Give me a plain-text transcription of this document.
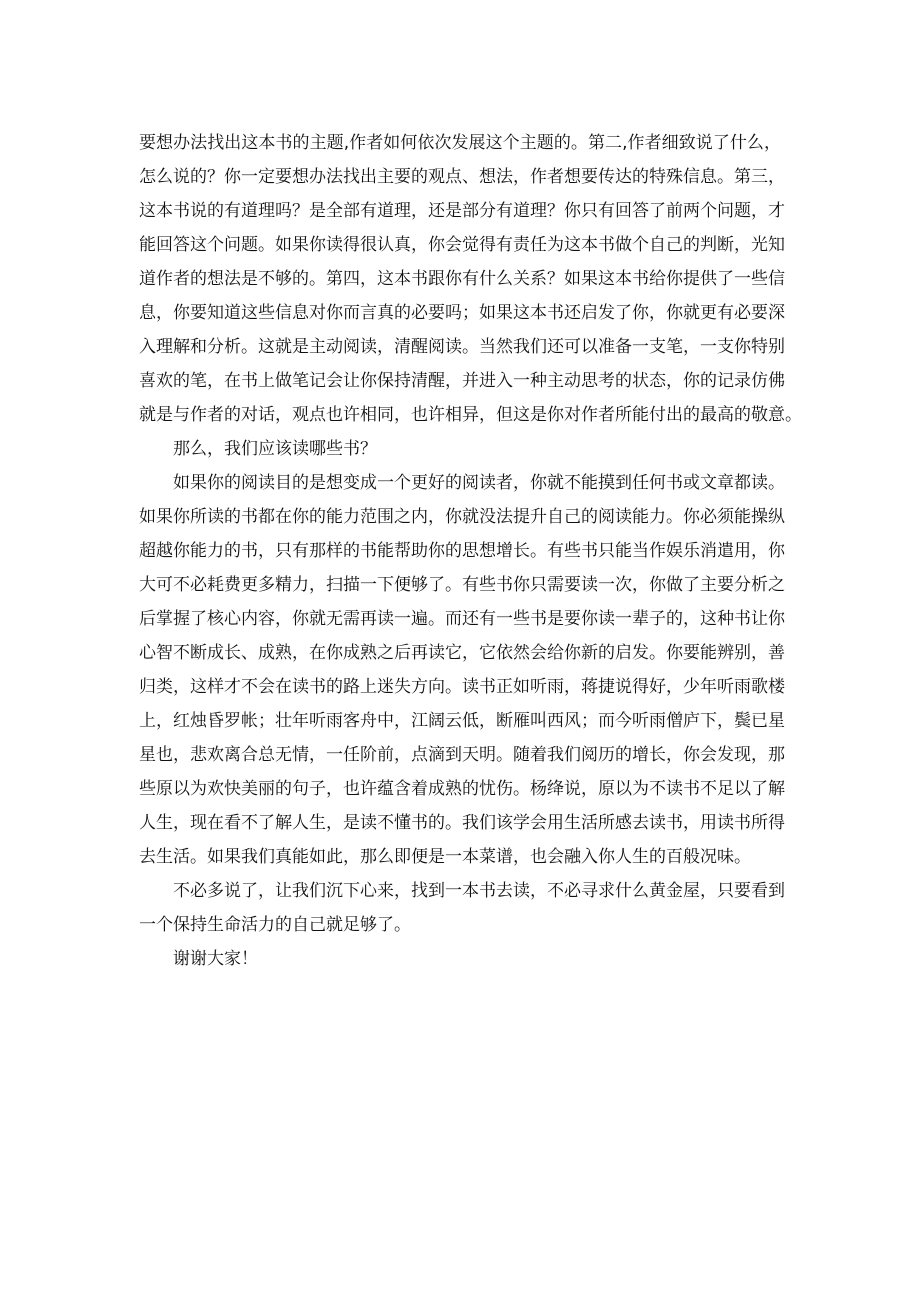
要想办法找出这本书的主题,作者如何依次发展这个主题的。第二,作者细致说了什么，
怎么说的？你一定要想办法找出主要的观点、想法，作者想要传达的特殊信息。第三，
这本书说的有道理吗？是全部有道理，还是部分有道理？你只有回答了前两个问题，才
能回答这个问题。如果你读得很认真，你会觉得有责任为这本书做个自己的判断，光知
道作者的想法是不够的。第四，这本书跟你有什么关系？如果这本书给你提供了一些信
息，你要知道这些信息对你而言真的必要吗；如果这本书还启发了你，你就更有必要深
入理解和分析。这就是主动阅读，清醒阅读。当然我们还可以准备一支笔，一支你特别
喜欢的笔，在书上做笔记会让你保持清醒，并进入一种主动思考的状态，你的记录仿佛
就是与作者的对话，观点也许相同，也许相异，但这是你对作者所能付出的最高的敬意。
那么，我们应该读哪些书？
如果你的阅读目的是想变成一个更好的阅读者，你就不能摸到任何书或文章都读。
如果你所读的书都在你的能力范围之内，你就没法提升自己的阅读能力。你必须能操纵
超越你能力的书，只有那样的书能帮助你的思想增长。有些书只能当作娱乐消遣用，你
大可不必耗费更多精力，扫描一下便够了。有些书你只需要读一次，你做了主要分析之
后掌握了核心内容，你就无需再读一遍。而还有一些书是要你读一辈子的，这种书让你
心智不断成长、成熟，在你成熟之后再读它，它依然会给你新的启发。你要能辨别，善
归类，这样才不会在读书的路上迷失方向。读书正如听雨，蒋捷说得好，少年听雨歌楼
上，红烛昏罗帐；壮年听雨客舟中，江阔云低，断雁叫西风；而今听雨僧庐下，鬓已星
星也，悲欢离合总无情，一任阶前，点滴到天明。随着我们阅历的增长，你会发现，那
些原以为欢快美丽的句子，也许蕴含着成熟的忧伤。杨绛说，原以为不读书不足以了解
人生，现在看不了解人生，是读不懂书的。我们该学会用生活所感去读书，用读书所得
去生活。如果我们真能如此，那么即便是一本菜谱，也会融入你人生的百般况味。
不必多说了，让我们沉下心来，找到一本书去读，不必寻求什么黄金屋，只要看到
一个保持生命活力的自己就足够了。
谢谢大家！
